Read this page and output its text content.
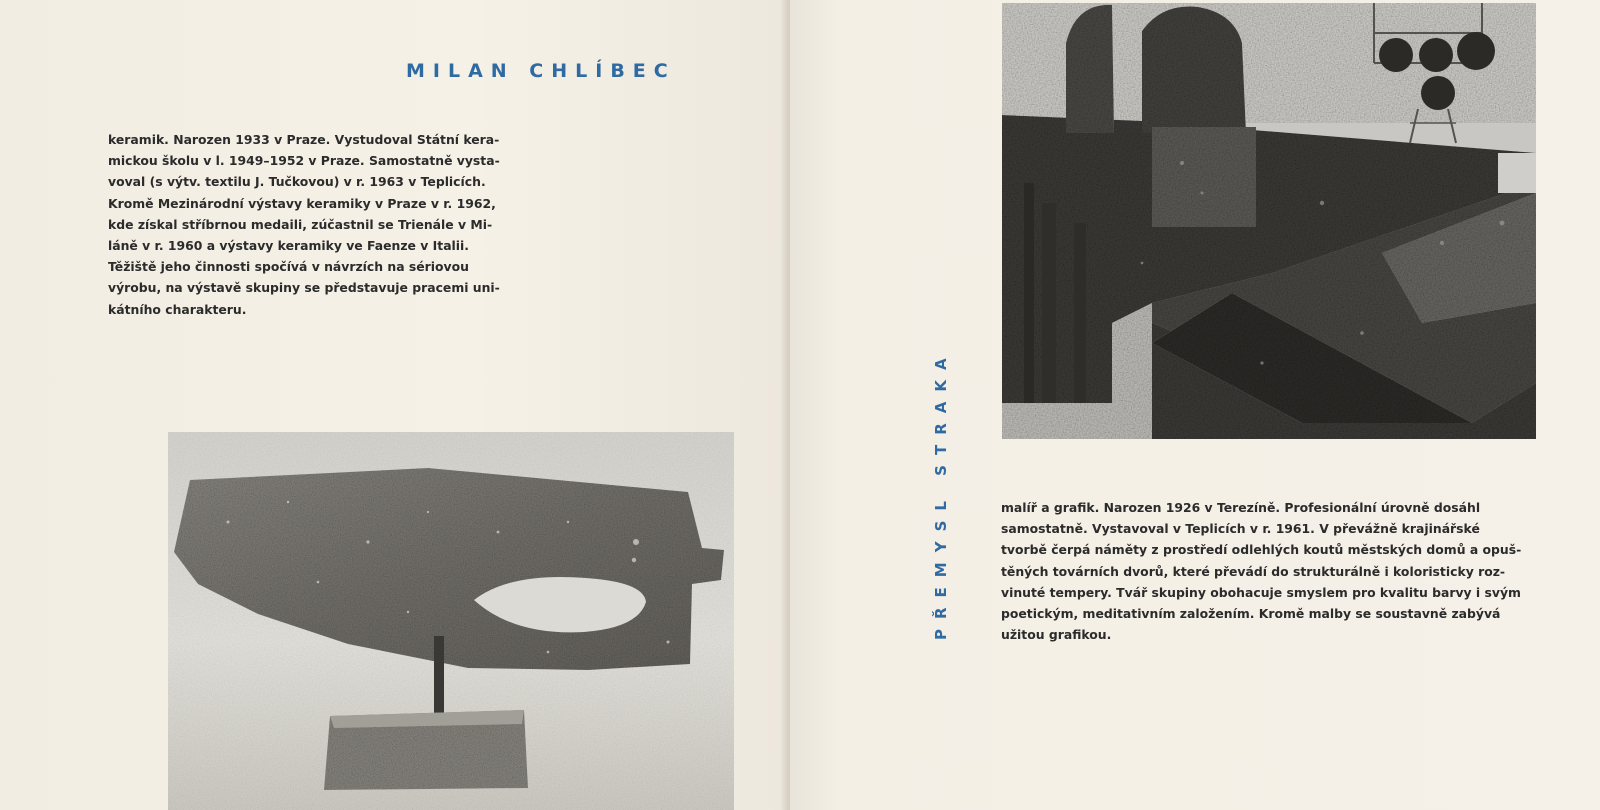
MILAN CHLÍBEC
keramik. Narozen 1933 v Praze. Vystudoval Státní kera-
mickou školu v l. 1949–1952 v Praze. Samostatně vysta-
voval (s výtv. textilu J. Tučkovou) v r. 1963 v Teplicích.
Kromě Mezinárodní výstavy keramiky v Praze v r. 1962,
kde získal stříbrnou medaili, zúčastnil se Trienále v Mi-
láně v r. 1960 a výstavy keramiky ve Faenze v Italii.
Těžiště jeho činnosti spočívá v návrzích na sériovou
výrobu, na výstavě skupiny se představuje pracemi uni-
kátního charakteru.
PŘEMYSL STRAKA	malíř a grafik. Narozen 1926 v Terezíně. Profesionální úrovně dosáhl
samostatně. Vystavoval v Teplicích v r. 1961. V převážně krajinářské
tvorbě čerpá náměty z prostředí odlehlých koutů městských domů a opuš-
těných továrních dvorů, které převádí do strukturálně i koloristicky roz-
vinuté tempery. Tvář skupiny obohacuje smyslem pro kvalitu barvy i svým
poetickým, meditativním založením. Kromě malby se soustavně zabývá
užitou grafikou.
